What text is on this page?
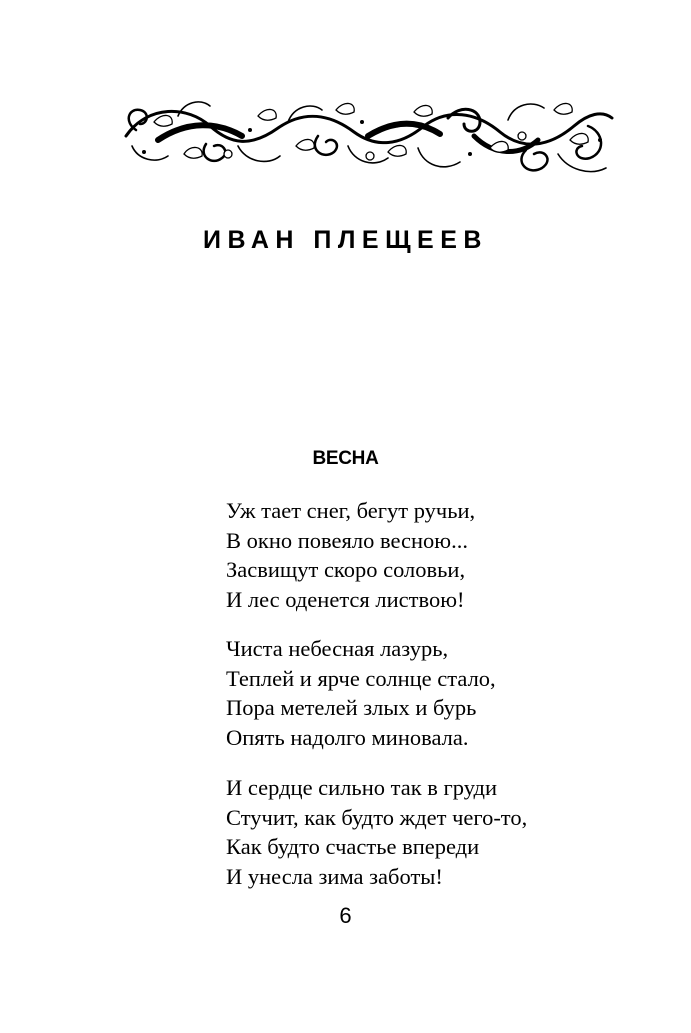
ИВАН ПЛЕЩЕЕВ
ВЕСНА

Уж тает снег, бегут ручьи,
В окно повеяло весною...
Засвищут скоро соловьи,
И лес оденется листвою!

Чиста небесная лазурь,
Теплей и ярче солнце стало,
Пора метелей злых и бурь
Опять надолго миновала.

И сердце сильно так в груди
Стучит, как будто ждет чего-то,
Как будто счастье впереди
И унесла зима заботы!

6
